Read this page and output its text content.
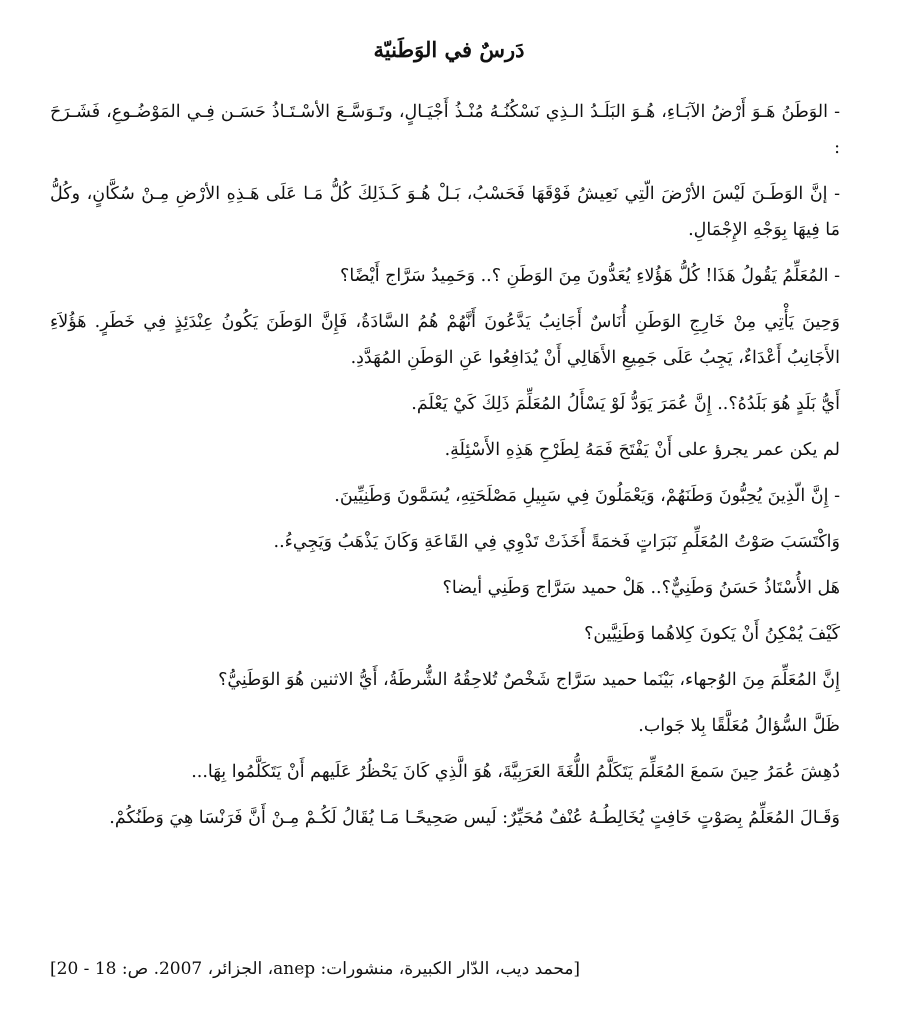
دَرسٌ في الوَطَنيّة

- الوَطَنُ هَـوَ أَرْضُ الآبَـاءِ، هُـوَ البَلَـدُ الـذِي نَسْكُنُـهُ مُنْـذُ أَجْيَـالٍ، وتَـوَسَّـعَ الأسْـتَـاذُ حَسَـن فِـي المَوْضُـوعِ، فَشَـرَحَ :

- إنَّ الوَطَـنَ لَيْسَ الأرْضَ الّتِي نَعِيشُ فَوْقَهَا فَحَسْبُ، بَـلْ هُـوَ كَـذَلِكَ كُلُّ مَـا عَلَى هَـذِهِ الأرْضِ مِـنْ سُكَّانٍ، وكُلُّ مَا فِيهَا بِوَجْهِ الإِجْمَالِ.

- المُعَلِّمُ يَقُولُ هَذَا! كُلُّ هَؤُلاءِ يُعَدُّونَ مِنَ الوَطَنِ ؟.. وَحَمِيدُ سَرَّاج أَيْضًا؟

وَحِينَ يَأْتِي مِنْ خَارِجِ الوَطَنِ أُنَاسٌ أَجَانِبُ يَدَّعُونَ أَنَّهُمْ هُمُ السَّادَةُ، فَإِنَّ الوَطَنَ يَكُونُ عِنْدَئِذٍ فِي خَطَرٍ. هَؤُلاَءِ الأَجَانِبُ أَعْدَاءٌ، يَجِبُ عَلَى جَمِيعِ الأَهَالِي أَنْ يُدَافِعُوا عَنِ الوَطَنِ المُهَدَّدِ.

أَيُّ بَلَدٍ هُوَ بَلَدُهُ؟.. إِنَّ عُمَرَ يَوَدُّ لَوْ يَسْأَلُ المُعَلِّمَ ذَلِكَ كَيْ يَعْلَمَ.

لم يكن عمر يجرؤ على أَنْ يَفْتَحَ فَمَهُ لِطَرْحِ هَذِهِ الأَسْئِلَةِ.

- إِنَّ الّذِينَ يُحِبُّونَ وَطَنَهُمْ، وَيَعْمَلُونَ فِي سَبِيلِ مَصْلَحَتِهِ، يُسَمَّونَ وَطَنِيِّينَ.

وَاكْتَسَبَ صَوْتُ المُعَلِّمِ نَبَرَاتٍ فَخمَةً أَخَذَتْ تَدْوِي فِي القَاعَةِ وَكَانَ يَذْهَبُ وَيَجِيءُ..

هَل الأُسْتَاذُ حَسَنُ وَطَنِيٌّ؟.. هَلْ حميد سَرَّاج وَطَنِي أيضا؟

كَيْفَ يُمْكِنُ أَنْ يَكونَ كِلاهُما وَطَنِيَّين؟

إِنَّ المُعَلِّمَ مِنَ الوُجهاء، بَيْنَما حميد سَرَّاج شَخْصٌ تُلاحِقُهُ الشُّرطَةُ، أَيُّ الاثنين هُوَ الوَطَنِيُّ؟

ظَلَّ السُّؤالُ مُعَلَّقًا بِلا جَواب.

دُهِشَ عُمَرُ حِينَ سَمعَ المُعَلِّمَ يَتَكَلَّمُ اللُّغَةَ العَرَبِيَّةَ، هُوَ الَّذِي كَانَ يَحْظُرُ عَلَيهم أَنْ يَتَكَلَّمُوا بِهَا...

وَقَـالَ المُعَلِّمُ بِصَوْتٍ خَافِتٍ يُخَالِطُـهُ عُنْفٌ مُحَيِّرٌ: لَيس صَحِيحًـا مَـا يُقَالُ لَكُـمْ مِـنْ أَنَّ فَرَنْسَا هِيَ وَطَنُكُمْ.

[محمد ديب، الدّار الكبيرة، منشورات: anep، الجزائر، 2007. ص: 18 - 20]
